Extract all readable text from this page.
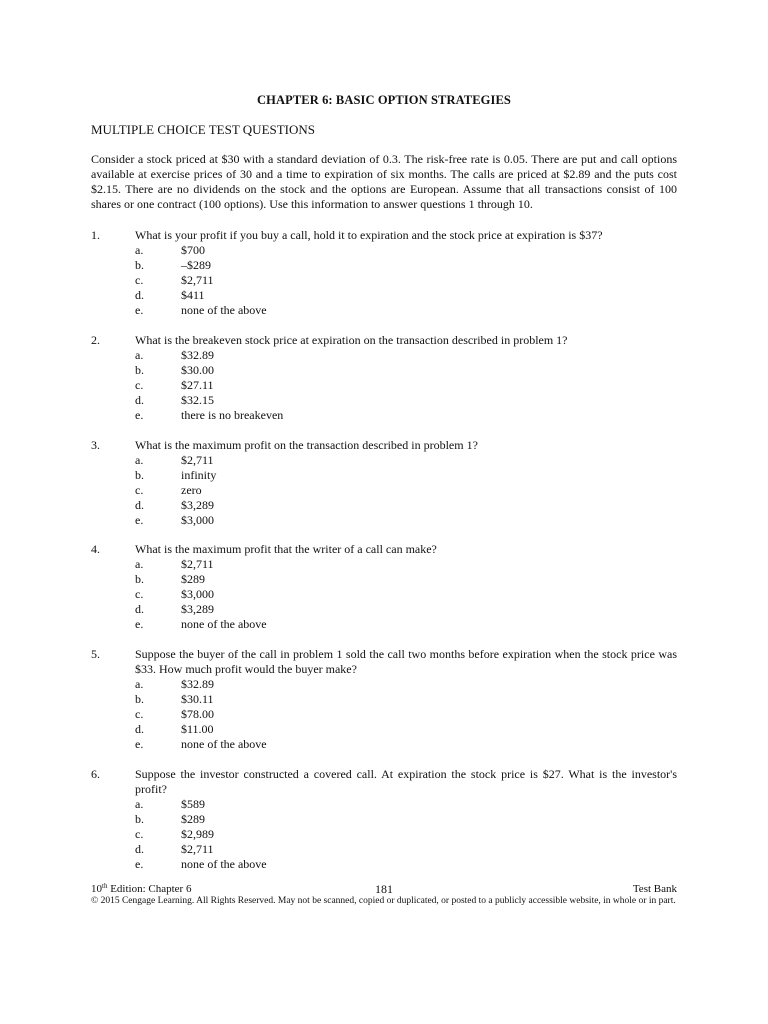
CHAPTER 6: BASIC OPTION STRATEGIES
MULTIPLE CHOICE TEST QUESTIONS
Consider a stock priced at $30 with a standard deviation of 0.3. The risk-free rate is 0.05. There are put and call options available at exercise prices of 30 and a time to expiration of six months. The calls are priced at $2.89 and the puts cost $2.15. There are no dividends on the stock and the options are European. Assume that all transactions consist of 100 shares or one contract (100 options). Use this information to answer questions 1 through 10.
1.	What is your profit if you buy a call, hold it to expiration and the stock price at expiration is $37?
a.	$700
b.	–$289
c.	$2,711
d.	$411
e.	none of the above
2.	What is the breakeven stock price at expiration on the transaction described in problem 1?
a.	$32.89
b.	$30.00
c.	$27.11
d.	$32.15
e.	there is no breakeven
3.	What is the maximum profit on the transaction described in problem 1?
a.	$2,711
b.	infinity
c.	zero
d.	$3,289
e.	$3,000
4.	What is the maximum profit that the writer of a call can make?
a.	$2,711
b.	$289
c.	$3,000
d.	$3,289
e.	none of the above
5.	Suppose the buyer of the call in problem 1 sold the call two months before expiration when the stock price was $33. How much profit would the buyer make?
a.	$32.89
b.	$30.11
c.	$78.00
d.	$11.00
e.	none of the above
6.	Suppose the investor constructed a covered call. At expiration the stock price is $27. What is the investor's profit?
a.	$589
b.	$289
c.	$2,989
d.	$2,711
e.	none of the above
10th Edition: Chapter 6	181	Test Bank
© 2015 Cengage Learning. All Rights Reserved. May not be scanned, copied or duplicated, or posted to a publicly accessible website, in whole or in part.
